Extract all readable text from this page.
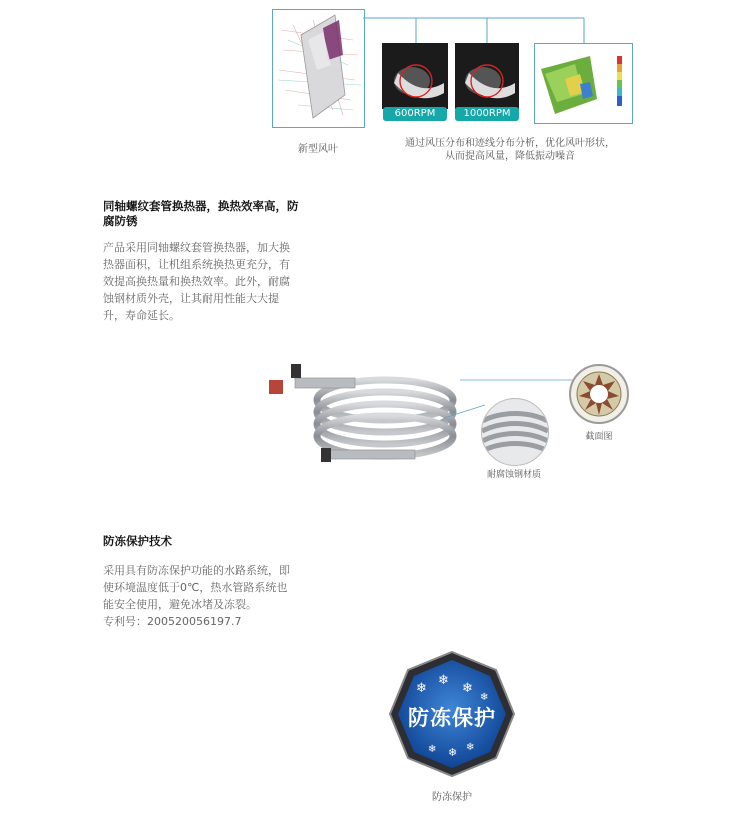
新型风叶
600RPM	1000RPM
通过风压分布和迹线分布分析，优化风叶形状，
从而提高风量，降低振动噪音
同轴螺纹套管换热器，换热效率高，防
腐防锈
产品采用同轴螺纹套管换热器，加大换
热器面积，让机组系统换热更充分，有
效提高换热量和换热效率。此外，耐腐
蚀钢材质外壳，让其耐用性能大大提
升，寿命延长。
耐腐蚀钢材质
截面图
防冻保护技术
采用具有防冻保护功能的水路系统，即
使环境温度低于0℃，热水管路系统也
能安全使用，避免冰堵及冻裂。
专利号：200520056197.7
❄
❄
❄
❄
❄ ❄ ❄
防冻保护
防冻保护
